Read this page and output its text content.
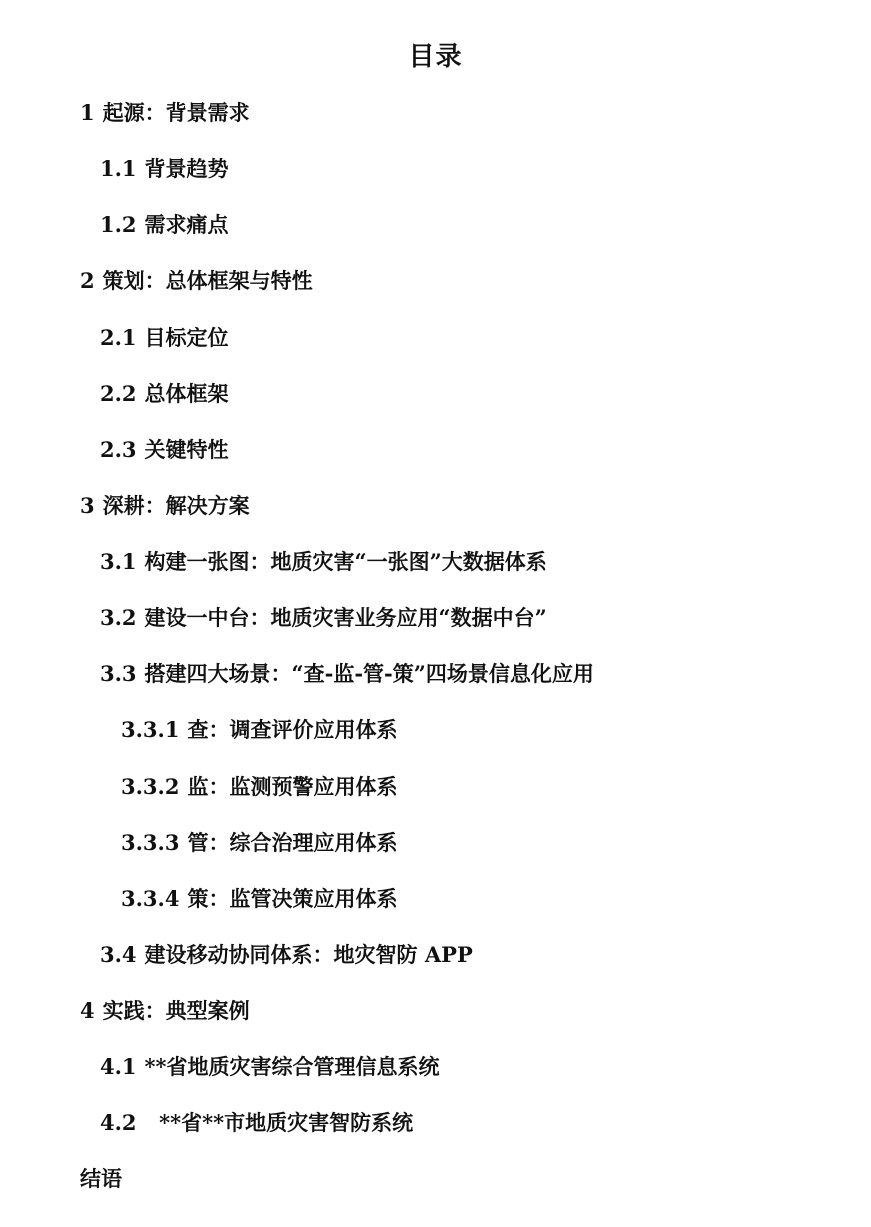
目录
1 起源：背景需求
1.1 背景趋势
1.2 需求痛点
2 策划：总体框架与特性
2.1 目标定位
2.2 总体框架
2.3 关键特性
3 深耕：解决方案
3.1 构建一张图：地质灾害“一张图”大数据体系
3.2 建设一中台：地质灾害业务应用“数据中台”
3.3 搭建四大场景：“查-监-管-策”四场景信息化应用
3.3.1 查：调查评价应用体系
3.3.2 监：监测预警应用体系
3.3.3 管：综合治理应用体系
3.3.4 策：监管决策应用体系
3.4 建设移动协同体系：地灾智防 APP
4 实践：典型案例
4.1 **省地质灾害综合管理信息系统
4.2  **省**市地质灾害智防系统
结语
